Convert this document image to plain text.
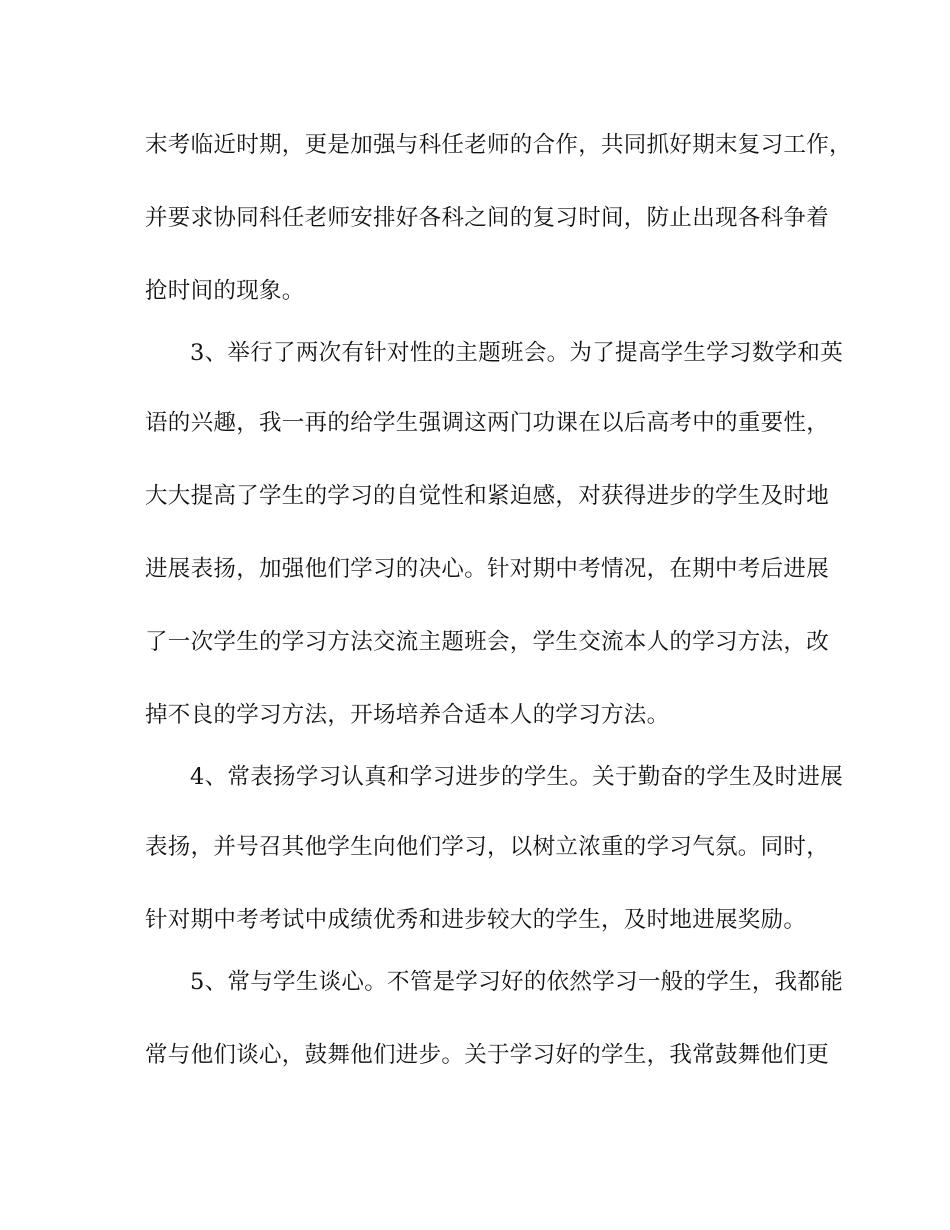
末考临近时期，更是加强与科任老师的合作，共同抓好期末复习工作，
并要求协同科任老师安排好各科之间的复习时间，防止出现各科争着
抢时间的现象。
3、举行了两次有针对性的主题班会。为了提高学生学习数学和英
语的兴趣，我一再的给学生强调这两门功课在以后高考中的重要性，
大大提高了学生的学习的自觉性和紧迫感，对获得进步的学生及时地
进展表扬，加强他们学习的决心。针对期中考情况，在期中考后进展
了一次学生的学习方法交流主题班会，学生交流本人的学习方法，改
掉不良的学习方法，开场培养合适本人的学习方法。
4、常表扬学习认真和学习进步的学生。关于勤奋的学生及时进展
表扬，并号召其他学生向他们学习，以树立浓重的学习气氛。同时，
针对期中考考试中成绩优秀和进步较大的学生，及时地进展奖励。
5、常与学生谈心。不管是学习好的依然学习一般的学生，我都能
常与他们谈心，鼓舞他们进步。关于学习好的学生，我常鼓舞他们更
